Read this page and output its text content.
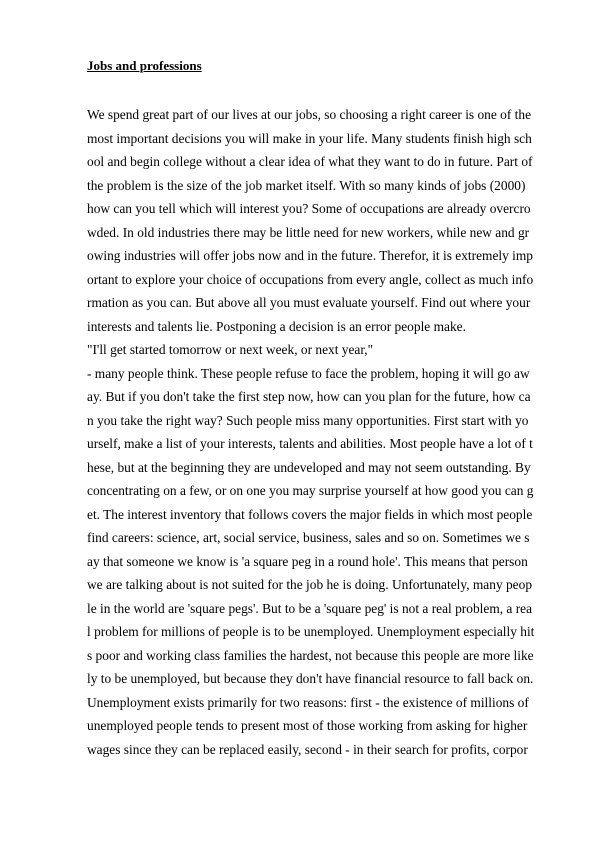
Jobs and professions
We spend great part of our lives at our jobs, so choosing a right career is one of the
most important decisions you will make in your life. Many students finish high sch
ool and begin college without a clear idea of what they want to do in future. Part of
the problem is the size of the job market itself. With so many kinds of jobs (2000)
how can you tell which will interest you? Some of occupations are already overcro
wded. In old industries there may be little need for new workers, while new and gr
owing industries will offer jobs now and in the future. Therefor, it is extremely imp
ortant to explore your choice of occupations from every angle, collect as much info
rmation as you can. But above all you must evaluate yourself. Find out where your
interests and talents lie. Postponing a decision is an error people make.
"I'll get started tomorrow or next week, or next year,"
- many people think. These people refuse to face the problem, hoping it will go aw
ay. But if you don't take the first step now, how can you plan for the future, how ca
n you take the right way? Such people miss many opportunities. First start with yo
urself, make a list of your interests, talents and abilities. Most people have a lot of t
hese, but at the beginning they are undeveloped and may not seem outstanding. By
concentrating on a few, or on one you may surprise yourself at how good you can g
et. The interest inventory that follows covers the major fields in which most people
find careers: science, art, social service, business, sales and so on. Sometimes we s
ay that someone we know is 'a square peg in a round hole'. This means that person
we are talking about is not suited for the job he is doing. Unfortunately, many peop
le in the world are 'square pegs'. But to be a 'square peg' is not a real problem, a rea
l problem for millions of people is to be unemployed. Unemployment especially hit
s poor and working class families the hardest, not because this people are more like
ly to be unemployed, but because they don't have financial resource to fall back on.
Unemployment exists primarily for two reasons: first - the existence of millions of
unemployed people tends to present most of those working from asking for higher
wages since they can be replaced easily, second - in their search for profits, corpor
